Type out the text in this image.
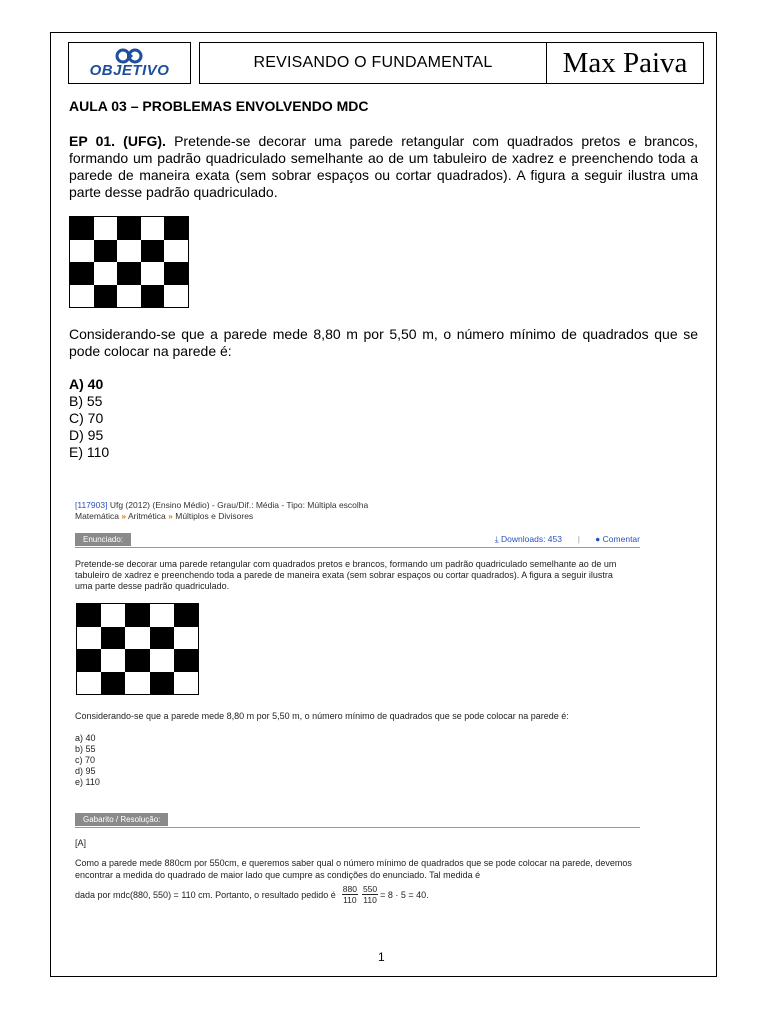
OBJETIVO	REVISANDO O FUNDAMENTAL	Max Paiva
AULA 03 – PROBLEMAS ENVOLVENDO MDC
EP 01. (UFG). Pretende-se decorar uma parede retangular com quadrados pretos e brancos, formando um padrão quadriculado semelhante ao de um tabuleiro de xadrez e preenchendo toda a parede de maneira exata (sem sobrar espaços ou cortar quadrados). A figura a seguir ilustra uma parte desse padrão quadriculado.
Considerando-se que a parede mede 8,80 m por 5,50 m, o número mínimo de quadrados que se pode colocar na parede é:
A) 40
B) 55
C) 70
D) 95
E) 110
[117903] Ufg (2012) (Ensino Médio) - Grau/Dif.: Média - Tipo: Múltipla escolha
Matemática » Aritmética » Múltiplos e Divisores
Enunciado:	⤓ Downloads: 453 | ● Comentar
Pretende-se decorar uma parede retangular com quadrados pretos e brancos, formando um padrão quadriculado semelhante ao de um tabuleiro de xadrez e preenchendo toda a parede de maneira exata (sem sobrar espaços ou cortar quadrados). A figura a seguir ilustra uma parte desse padrão quadriculado.
Considerando-se que a parede mede 8,80 m por 5,50 m, o número mínimo de quadrados que se pode colocar na parede é:
a) 40
b) 55
c) 70
d) 95
e) 110
Gabarito / Resolução:
[A]
Como a parede mede 880cm por 550cm, e queremos saber qual o número mínimo de quadrados que se pode colocar na parede, devemos encontrar a medida do quadrado de maior lado que cumpre as condições do enunciado. Tal medida é
dada por mdc(880, 550) = 110 cm. Portanto, o resultado pedido é $\frac{880}{110} \frac{550}{110} = 8 \cdot 5 = 40$.
1
